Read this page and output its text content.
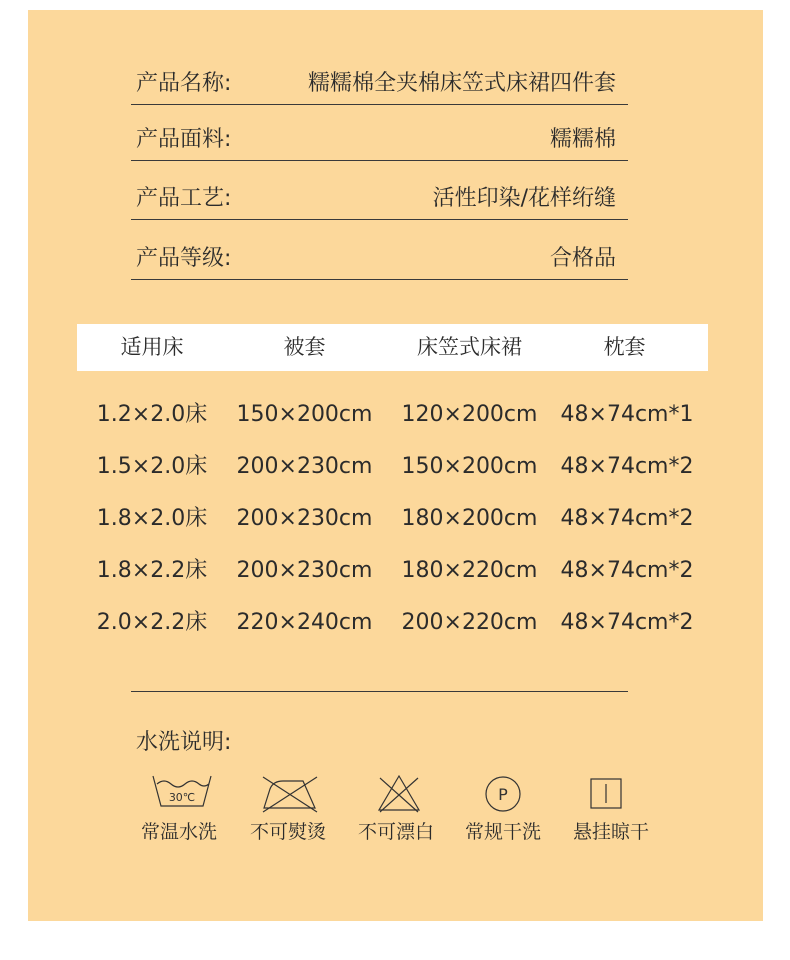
产品名称:	糯糯棉全夹棉床笠式床裙四件套
产品面料:	糯糯棉
产品工艺:	活性印染/花样绗缝
产品等级:	合格品
适用床	被套	床笠式床裙	枕套
1.2×2.0床	150×200cm	120×200cm	48×74cm*1
1.5×2.0床	200×230cm	150×200cm	48×74cm*2
1.8×2.0床	200×230cm	180×200cm	48×74cm*2
1.8×2.2床	200×230cm	180×220cm	48×74cm*2
2.0×2.2床	220×240cm	200×220cm	48×74cm*2
水洗说明:
30℃	P
常温水洗	不可熨烫	不可漂白	常规干洗	悬挂晾干
